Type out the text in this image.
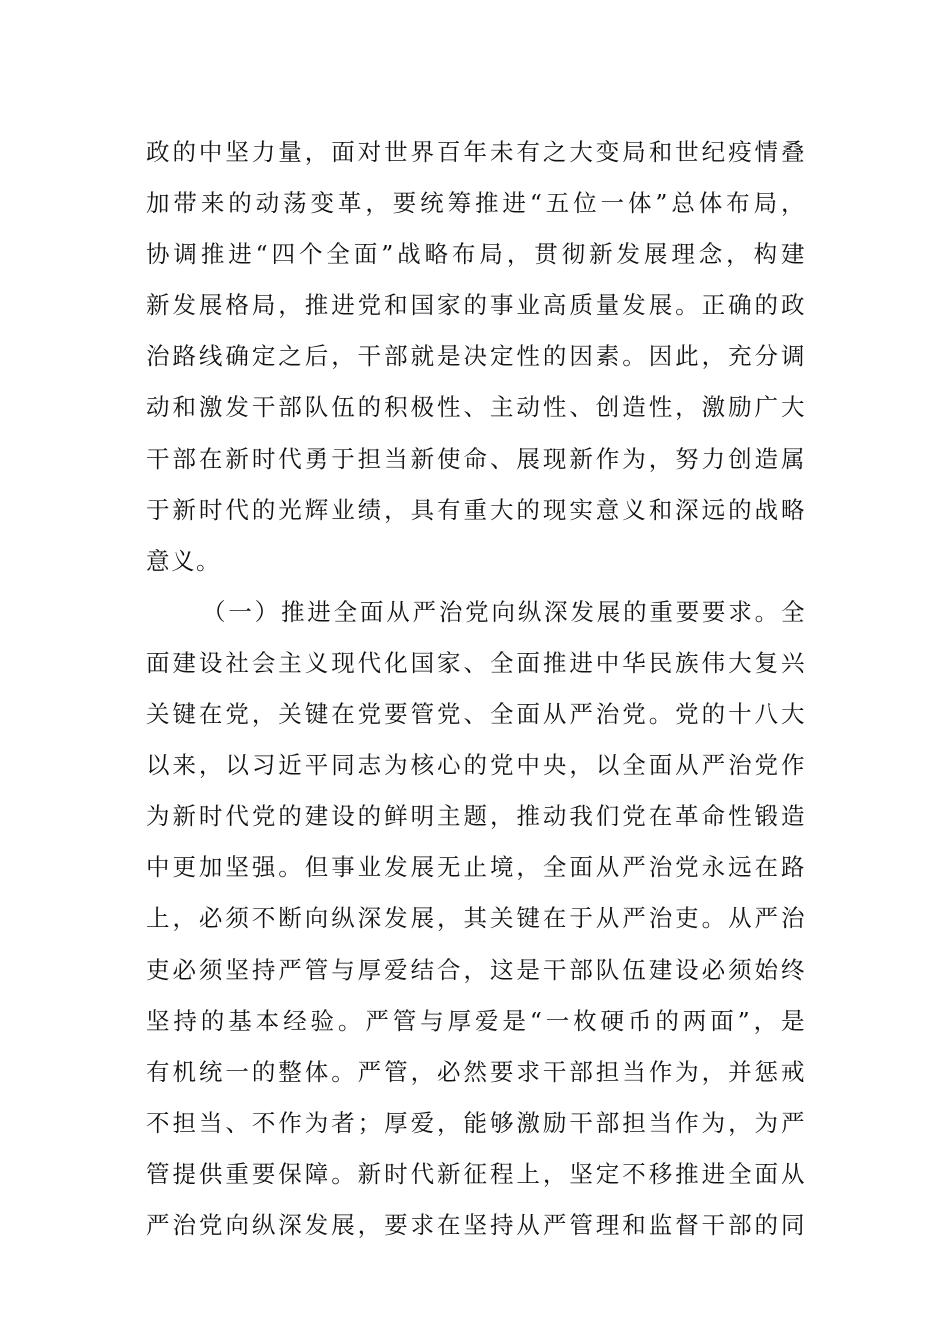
政的中坚力量，面对世界百年未有之大变局和世纪疫情叠
加带来的动荡变革，要统筹推进“五位一体”总体布局，
协调推进“四个全面”战略布局，贯彻新发展理念，构建
新发展格局，推进党和国家的事业高质量发展。正确的政
治路线确定之后，干部就是决定性的因素。因此，充分调
动和激发干部队伍的积极性、主动性、创造性，激励广大
干部在新时代勇于担当新使命、展现新作为，努力创造属
于新时代的光辉业绩，具有重大的现实意义和深远的战略
意义。
（一）推进全面从严治党向纵深发展的重要要求。全
面建设社会主义现代化国家、全面推进中华民族伟大复兴
关键在党，关键在党要管党、全面从严治党。党的十八大
以来，以习近平同志为核心的党中央，以全面从严治党作
为新时代党的建设的鲜明主题，推动我们党在革命性锻造
中更加坚强。但事业发展无止境，全面从严治党永远在路
上，必须不断向纵深发展，其关键在于从严治吏。从严治
吏必须坚持严管与厚爱结合，这是干部队伍建设必须始终
坚持的基本经验。严管与厚爱是“一枚硬币的两面”，是
有机统一的整体。严管，必然要求干部担当作为，并惩戒
不担当、不作为者；厚爱，能够激励干部担当作为，为严
管提供重要保障。新时代新征程上，坚定不移推进全面从
严治党向纵深发展，要求在坚持从严管理和监督干部的同
